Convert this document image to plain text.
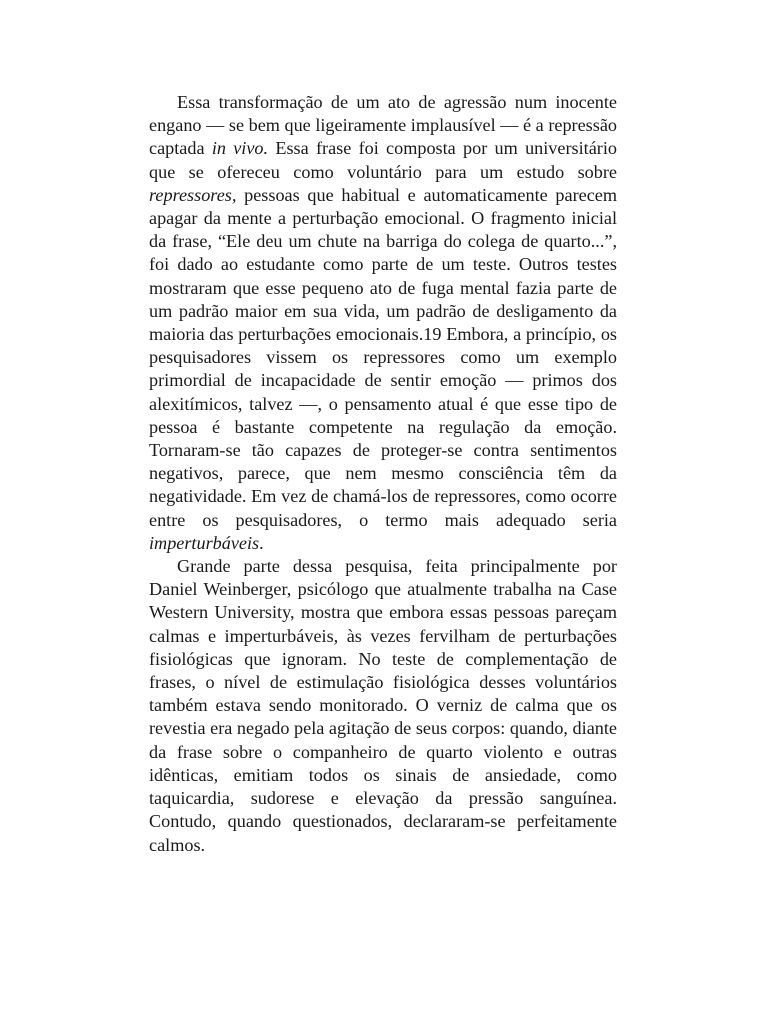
Essa transformação de um ato de agressão num inocente engano — se bem que ligeiramente implausível — é a repressão captada in vivo. Essa frase foi composta por um universitário que se ofereceu como voluntário para um estudo sobre repressores, pessoas que habitual e automaticamente parecem apagar da mente a perturbação emocional. O fragmento inicial da frase, “Ele deu um chute na barriga do colega de quarto...”, foi dado ao estudante como parte de um teste. Outros testes mostraram que esse pequeno ato de fuga mental fazia parte de um padrão maior em sua vida, um padrão de desligamento da maioria das perturbações emocionais.19 Embora, a princípio, os pesquisadores vissem os repressores como um exemplo primordial de incapacidade de sentir emoção — primos dos alexitímicos, talvez —, o pensamento atual é que esse tipo de pessoa é bastante competente na regulação da emoção. Tornaram-se tão capazes de proteger-se contra sentimentos negativos, parece, que nem mesmo consciência têm da negatividade. Em vez de chamá-los de repressores, como ocorre entre os pesquisadores, o termo mais adequado seria imperturbáveis.

Grande parte dessa pesquisa, feita principalmente por Daniel Weinberger, psicólogo que atualmente trabalha na Case Western University, mostra que embora essas pessoas pareçam calmas e imperturbáveis, às vezes fervilham de perturbações fisiológicas que ignoram. No teste de complementação de frases, o nível de estimulação fisiológica desses voluntários também estava sendo monitorado. O verniz de calma que os revestia era negado pela agitação de seus corpos: quando, diante da frase sobre o companheiro de quarto violento e outras idênticas, emitiam todos os sinais de ansiedade, como taquicardia, sudorese e elevação da pressão sanguínea. Contudo, quando questionados, declararam-se perfeitamente calmos.
